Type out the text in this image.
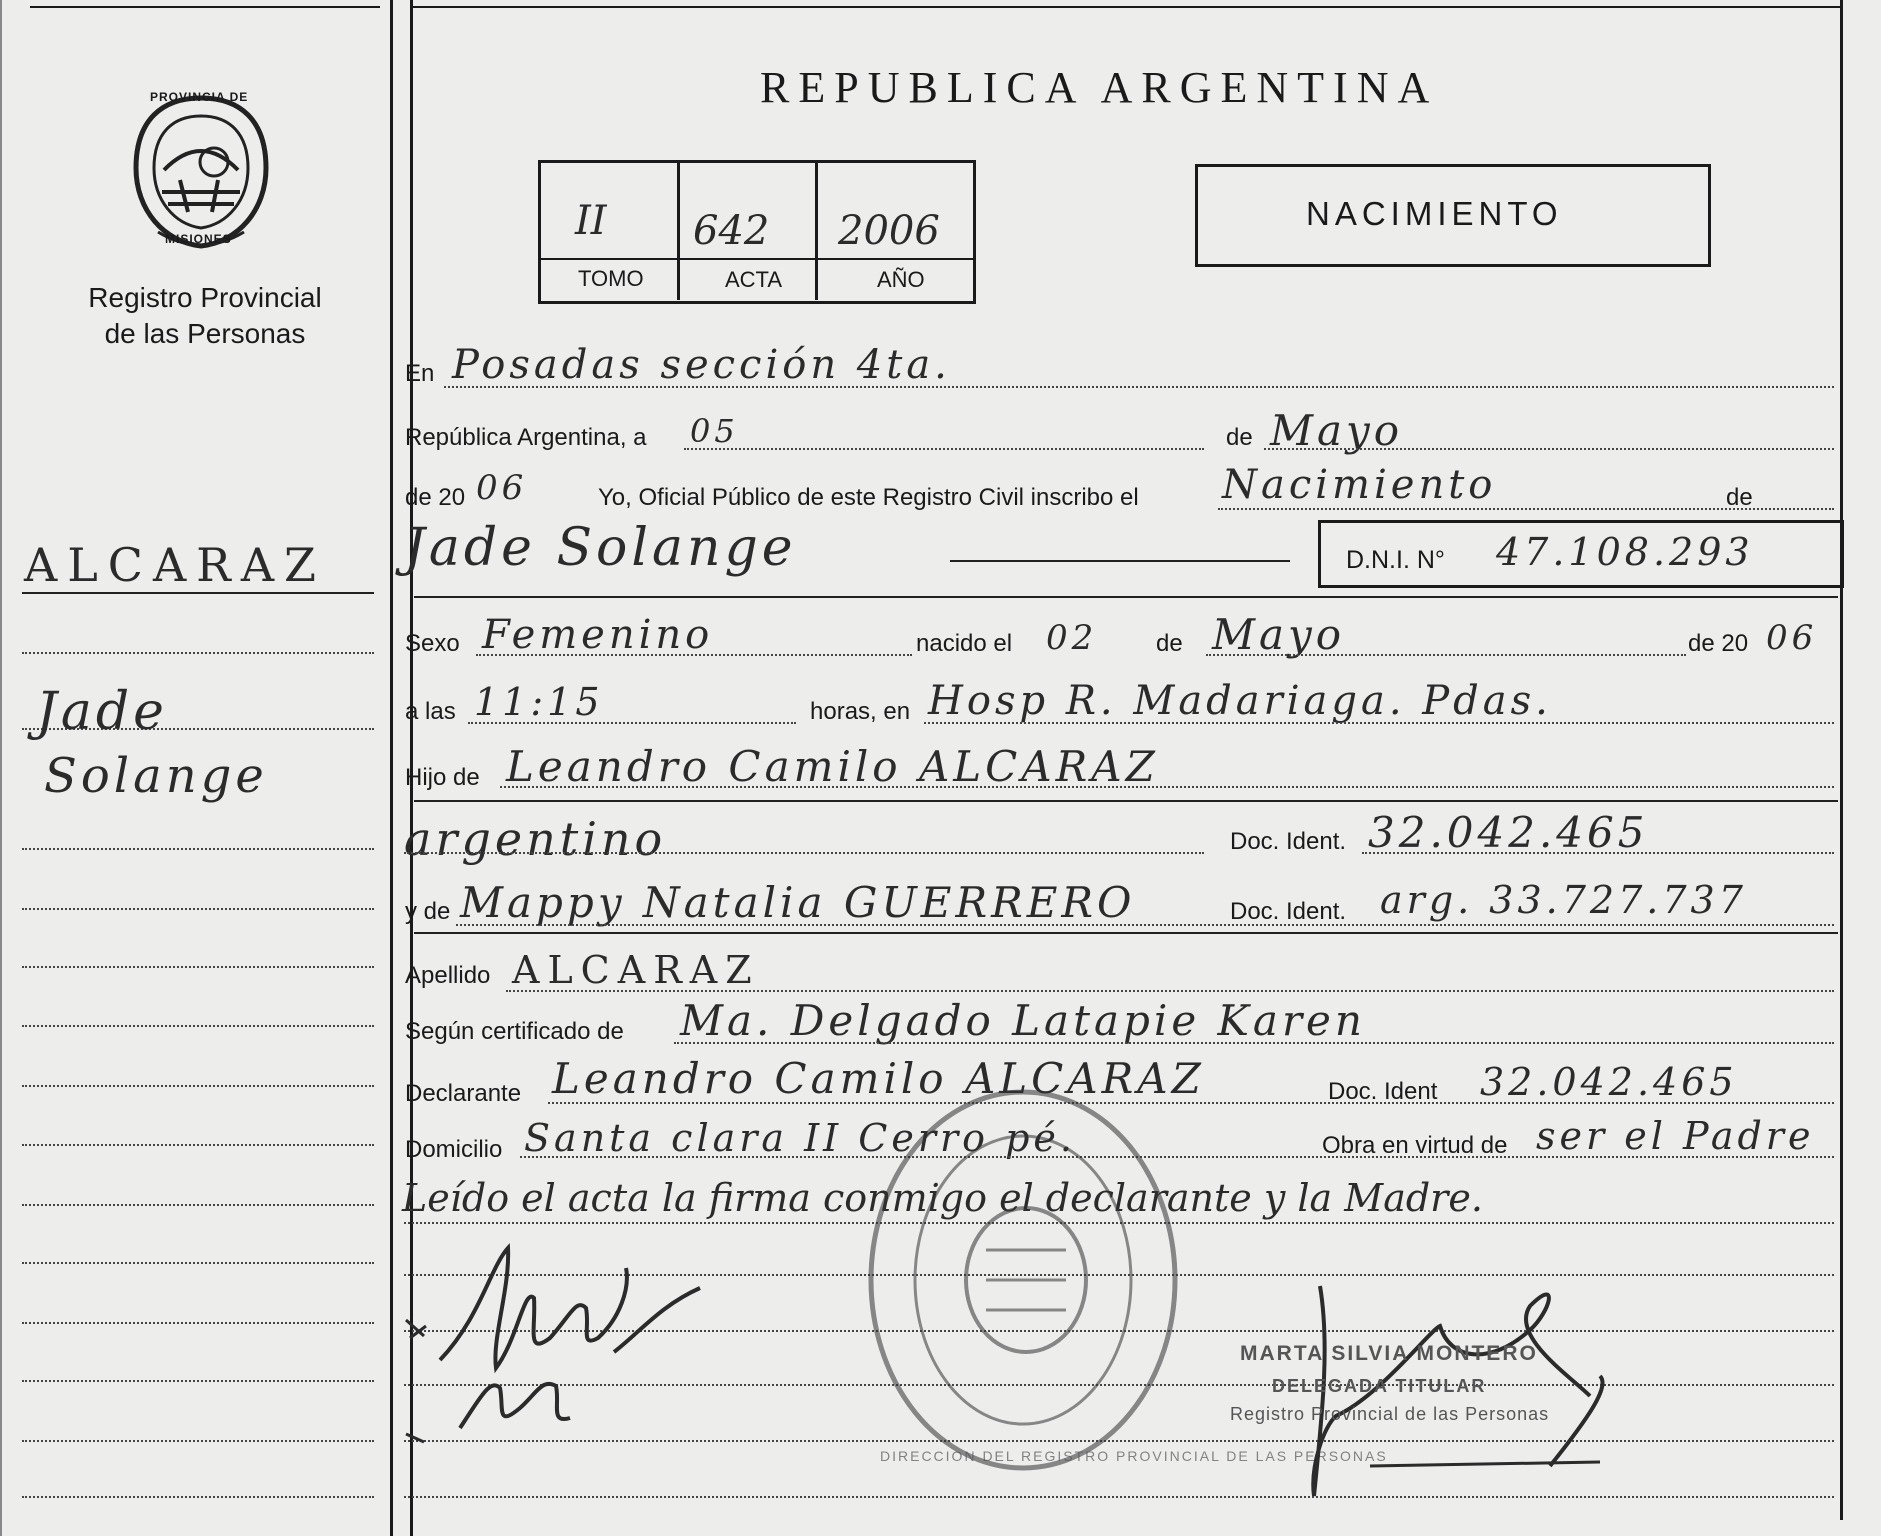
PROVINCIA DE
MISIONES
Registro Provincial
de las Personas
REPUBLICA ARGENTINA
II 642 2006
TOMO	ACTA	AÑO
NACIMIENTO
ALCARAZ
Jade
Solange
En Posadas sección 4ta.
República Argentina, a 05	de Mayo
de 20 06	Yo, Oficial Público de este Registro Civil inscribo el Nacimiento	de
Jade Solange	D.N.I. N° 47.108.293
Sexo Femenino	nacido el 02 de Mayo	de 20 06
a las 11:15	horas, en Hosp R. Madariaga. Pdas.
Hijo de Leandro Camilo ALCARAZ
argentino	Doc. Ident. 32.042.465
y de Mappy Natalia GUERRERO	Doc. Ident. arg. 33.727.737
Apellido ALCARAZ
Según certificado de Ma. Delgado Latapie Karen
Declarante Leandro Camilo ALCARAZ	Doc. Ident 32.042.465
Domicilio Santa clara II Cerro pé.	Obra en virtud de ser el Padre
Leído el acta la firma conmigo el declarante y la Madre.
DIRECCION DEL REGISTRO PROVINCIAL DE LAS PERSONAS
MARTA SILVIA MONTERO
DELEGADA TITULAR
Registro Provincial de las Personas
